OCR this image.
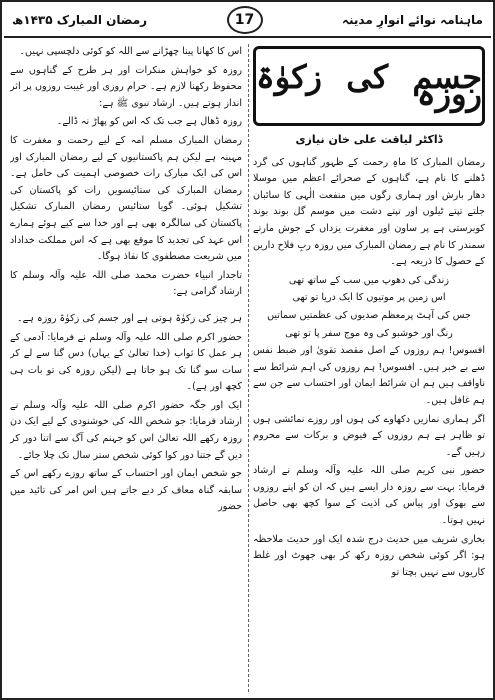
ماہنامہ نوائے انوارِ مدینہ
17
رمضان المبارک ۱۴۳۵ھ
جسم کی زکوٰۃ روزہ
ڈاکٹر لیاقت علی خان نیازی

رمضان المبارک کا ماہِ رحمت کے ظہور گناہوں کی گرد ڈھلنے کا نام ہے، گناہوں کے صحرائے اعظم میں موسلا دھار بارش اور ہماری رگوں میں منفعت الٰہی کا سائبان جلتے تپتے ٹیلوں اور تپتے دشت میں موسم گل بوند بوند کوبرستی ہے پر ساون اور مغفرت یزداں کے جوش مارتے سمندر کا نام ہے رمضان المبارک میں روزہ ربِ فلاح دارین کے حصول کا ذریعہ ہے۔

زندگی کی دھوپ میں سب کے ساتھ تھی
اس زمین پر موتیوں کا ایک دریا تو تھی
جس کی آہٹ پرمعظم صدیوں کی عظمتیں سماتیں
رنگ اور خوشبو کی وہ موج سفر پا تو تھی

افسوس! ہم روزوں کے اصل مقصد تقویٰ اور ضبط نفس سے بے خبر ہیں۔ افسوس! ہم روزوں کی اہم شرائط سے ناواقف ہیں ہم ان شرائط ایمان اور احتساب سے جن سے ہم غافل ہیں۔

اگر ہماری نمازیں دکھاوے کی ہوں اور روزے نمائشی ہوں تو ظاہر ہے ہم روزوں کے فیوض و برکات سے محروم رہیں گے۔

حضور نبی کریم صلی اللہ علیہ وآلہ وسلم نے ارشاد فرمایا: بہت سے روزہ دار ایسے ہیں کہ ان کو اپنے روزوں سے بھوک اور پیاس کی اذیت کے سوا کچھ بھی حاصل نہیں ہوتا۔

بخاری شریف میں حدیث درج شدہ ایک اور حدیث ملاحظہ ہو: اگر کوئی شخص روزہ رکھ کر بھی جھوٹ اور غلط کاریوں سے نہیں بچتا تو

اس کا کھانا پینا چھڑانے سے اللہ کو کوئی دلچسپی نہیں۔

روزہ کو خواہش منکرات اور ہر طرح کے گناہوں سے محفوظ رکھنا لازم ہے۔ حرام روزی اور غیبت روزوں پر اثر انداز ہوتے ہیں۔ ارشاد نبوی ﷺ ہے:

روزہ ڈھال ہے جب تک کہ اس کو پھاڑ نہ ڈالے۔

رمضان المبارک مسلم امہ کے لیے رحمت و مغفرت کا مہینہ ہے لیکن ہم پاکستانیوں کے لیے رمضان المبارک اور اس کی ایک مبارک رات خصوصی اہمیت کی حامل ہے۔ رمضان المبارک کی ستائیسویں رات کو پاکستان کی تشکیل ہوئی۔ گویا ستائیس رمضان المبارک تشکیل پاکستان کی سالگرہ بھی ہے اور خدا سے کیے ہوئے ہمارے اس عہد کی تجدید کا موقع بھی ہے کہ اس مملکت خداداد میں شریعت مصطفوی کا نفاذ ہوگا۔

تاجدار انبیاء حضرت محمد صلی اللہ علیہ وآلہ وسلم کا ارشاد گرامی ہے:

ہر چیز کی زکوٰۃ ہوتی ہے اور جسم کی زکوٰۃ روزہ ہے۔

حضور اکرم صلی اللہ علیہ وآلہ وسلم نے فرمایا: آدمی کے ہر عمل کا ثواب (خدا تعالیٰ کے یہاں) دس گنا سے لے کر سات سو گنا تک ہو جاتا ہے (لیکن روزہ کی تو بات ہی کچھ اور ہے)۔

ایک اور جگہ حضور اکرم صلی اللہ علیہ وآلہ وسلم نے ارشاد فرمایا: جو شخص اللہ کی خوشنودی کے لیے ایک دن روزہ رکھے اللہ تعالیٰ اس کو جہنم کی آگ سے اتنا دور کر دیں گے جتنا دور کوا کوئی شخص ستر سال تک چلا جائے۔

جو شخص ایمان اور احتساب کے ساتھ روزے رکھے اس کے سابقہ گناہ معاف کر دیے جاتے ہیں اس امر کی تائید میں حضور
